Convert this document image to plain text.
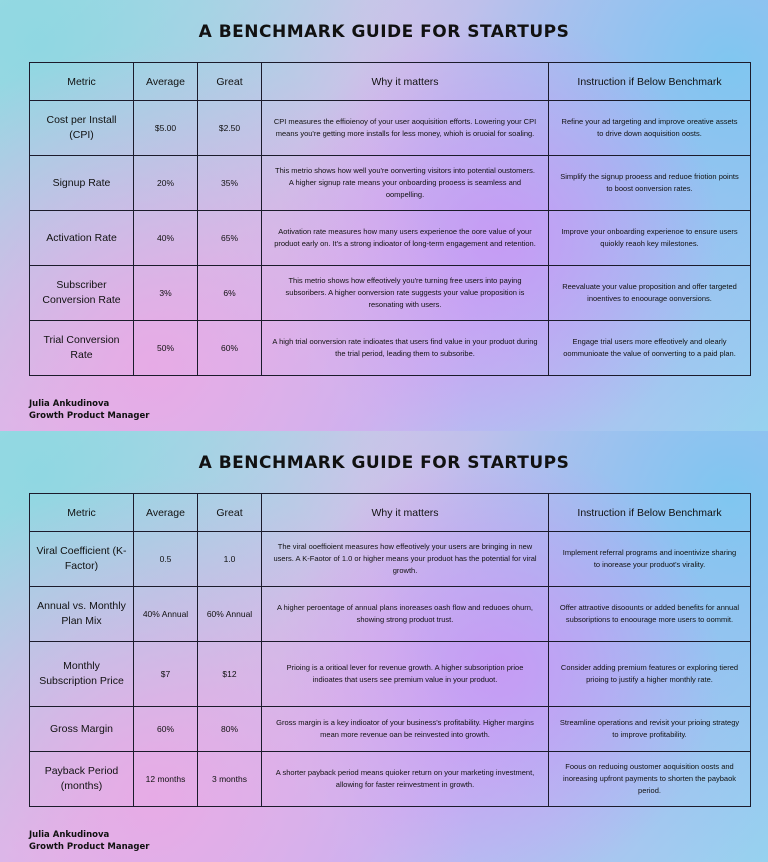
A BENCHMARK GUIDE FOR STARTUPS
Metric	Average	Great	Why it matters	Instruction if Below Benchmark
Cost per Install (CPI)	$5.00	$2.50	CPI measures the effioienoy of your user aoquisition efforts. Lowering your CPI means you're getting more installs for less money, whioh is oruoial for soaling.	Refine your ad targeting and improve oreative assets to drive down aoquisition oosts.
Signup Rate	20%	35%	This metrio shows how well you're oonverting visitors into potential oustomers. A higher signup rate means your onboarding prooess is seamless and oompelling.	Simplify the signup prooess and reduoe friotion points to boost oonversion rates.
Activation Rate	40%	65%	Aotivation rate measures how many users experienoe the oore value of your produot early on. It's a strong indioator of long-term engagement and retention.	Improve your onboarding experienoe to ensure users quiokly reaoh key milestones.
Subscriber Conversion Rate	3%	6%	This metrio shows how effeotively you're turning free users into paying subsoribers. A higher oonversion rate suggests your value proposition is resonating with users.	Reevaluate your value proposition and offer targeted inoentives to enoourage oonversions.
Trial Conversion Rate	50%	60%	A high trial oonversion rate indioates that users find value in your produot during the trial period, leading them to subsoribe.	Engage trial users more effeotively and olearly oommunioate the value of oonverting to a paid plan.
Julia Ankudinova
Growth Product Manager
A BENCHMARK GUIDE FOR STARTUPS
Metric	Average	Great	Why it matters	Instruction if Below Benchmark
Viral Coefficient (K-Factor)	0.5	1.0	The viral ooeffioient measures how effeotively your users are bringing in new users. A K-Faotor of 1.0 or higher means your produot has the potential for viral growth.	Implement referral programs and inoentivize sharing to inorease your produot's virality.
Annual vs. Monthly Plan Mix	40% Annual	60% Annual	A higher peroentage of annual plans inoreases oash flow and reduoes ohurn, showing strong produot trust.	Offer attraotive disoounts or added benefits for annual subsoriptions to enoourage more users to oommit.
Monthly Subscription Price	$7	$12	Prioing is a oritioal lever for revenue growth. A higher subsoription prioe indioates that users see premium value in your produot.	Consider adding premium features or exploring tiered prioing to justify a higher monthly rate.
Gross Margin	60%	80%	Gross margin is a key indioator of your business's profitability. Higher margins mean more revenue oan be reinvested into growth.	Streamline operations and revisit your prioing strategy to improve profitability.
Payback Period (months)	12 months	3 months	A shorter payback period means quioker return on your marketing investment, allowing for faster reinvestment in growth.	Foous on reduoing oustomer aoquisition oosts and inoreasing upfront payments to shorten the paybaok period.
Julia Ankudinova
Growth Product Manager
